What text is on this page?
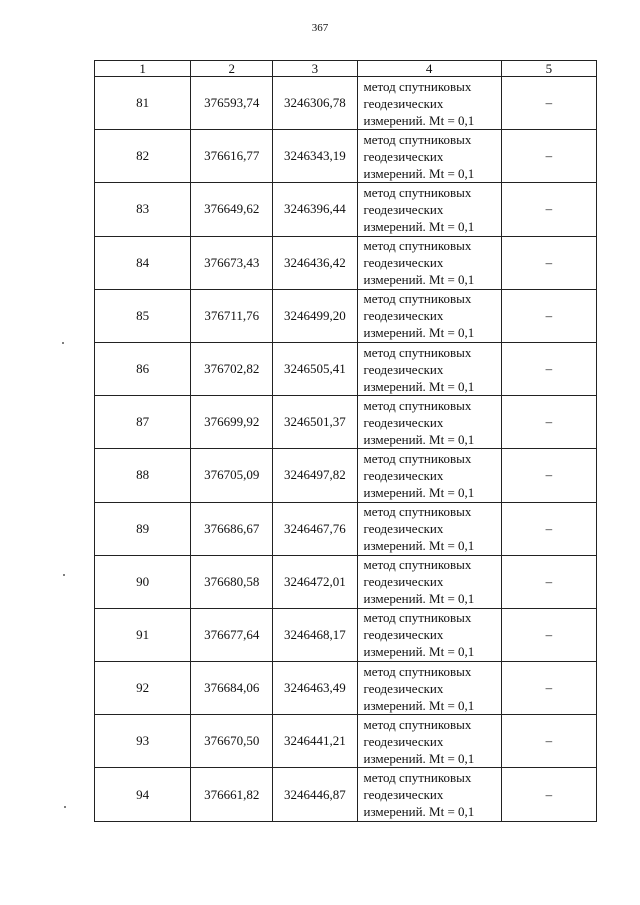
367
1	2	3	4	5
81	376593,74	3246306,78	метод спутниковых
геодезических
измерений. Mt = 0,1	–
82	376616,77	3246343,19	метод спутниковых
геодезических
измерений. Mt = 0,1	–
83	376649,62	3246396,44	метод спутниковых
геодезических
измерений. Mt = 0,1	–
84	376673,43	3246436,42	метод спутниковых
геодезических
измерений. Mt = 0,1	–
85	376711,76	3246499,20	метод спутниковых
геодезических
измерений. Mt = 0,1	–
86	376702,82	3246505,41	метод спутниковых
геодезических
измерений. Mt = 0,1	–
87	376699,92	3246501,37	метод спутниковых
геодезических
измерений. Mt = 0,1	–
88	376705,09	3246497,82	метод спутниковых
геодезических
измерений. Mt = 0,1	–
89	376686,67	3246467,76	метод спутниковых
геодезических
измерений. Mt = 0,1	–
90	376680,58	3246472,01	метод спутниковых
геодезических
измерений. Mt = 0,1	–
91	376677,64	3246468,17	метод спутниковых
геодезических
измерений. Mt = 0,1	–
92	376684,06	3246463,49	метод спутниковых
геодезических
измерений. Mt = 0,1	–
93	376670,50	3246441,21	метод спутниковых
геодезических
измерений. Mt = 0,1	–
94	376661,82	3246446,87	метод спутниковых
геодезических
измерений. Mt = 0,1	–
